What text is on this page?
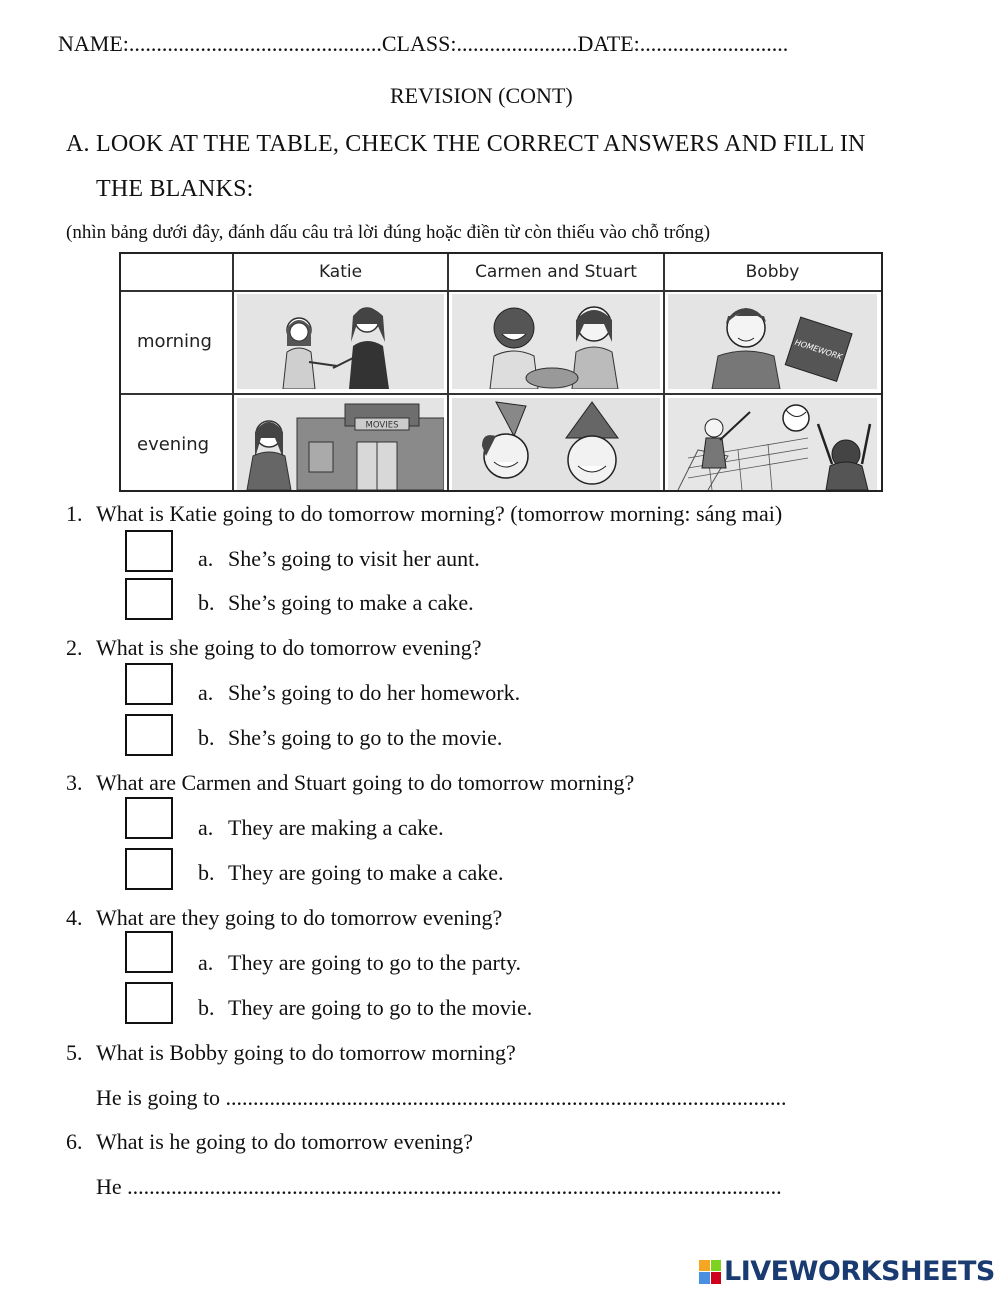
NAME:..............................................CLASS:......................DATE:...........................
REVISION (CONT)
A. LOOK AT THE TABLE, CHECK THE CORRECT ANSWERS AND FILL IN
THE BLANKS:
(nhìn bảng dưới đây, đánh dấu câu trả lời đúng hoặc điền từ còn thiếu vào chỗ trống)
Katie	Carmen and Stuart	Bobby
morning
evening
HOMEWORK
MOVIES
1. What is Katie going to do tomorrow morning? (tomorrow morning: sáng mai)
a. She’s going to visit her aunt.
b. She’s going to make a cake.
2. What is she going to do tomorrow evening?
a. She’s going to do her homework.
b. She’s going to go to the movie.
3. What are Carmen and Stuart going to do tomorrow morning?
a. They are making a cake.
b. They are going to make a cake.
4. What are they going to do tomorrow evening?
a. They are going to go to the party.
b. They are going to go to the movie.
5. What is Bobby going to do tomorrow morning?
He is going to ......................................................................................................
6. What is he going to do tomorrow evening?
He .......................................................................................................................
LIVEWORKSHEETS
